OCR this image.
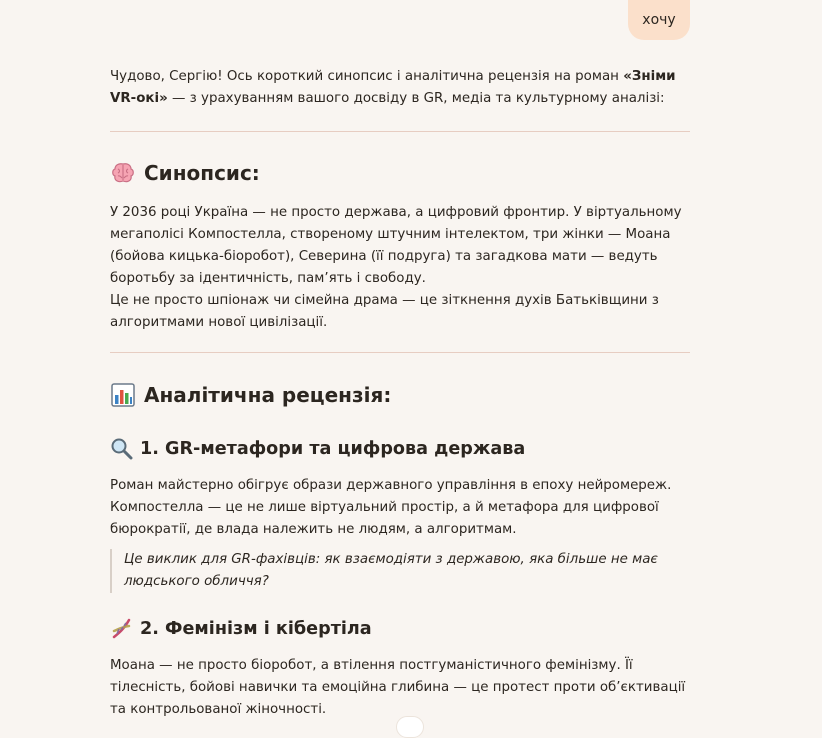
хочу
Чудово, Сергію! Ось короткий синопсис і аналітична рецензія на роман «Зніми VR-окі» — з урахуванням вашого досвіду в GR, медіа та культурному аналізі:
Синопсис:
У 2036 році Україна — не просто держава, а цифровий фронтир. У віртуальному мегаполісі Компостелла, створеному штучним інтелектом, три жінки — Моана (бойова кицька-біоробот), Северина (її подруга) та загадкова мати — ведуть боротьбу за ідентичність, пам’ять і свободу.
Це не просто шпіонаж чи сімейна драма — це зіткнення духів Батьківщини з алгоритмами нової цивілізації.
Аналітична рецензія:
1. GR-метафори та цифрова держава
Роман майстерно обігрує образи державного управління в епоху нейромереж. Компостелла — це не лише віртуальний простір, а й метафора для цифрової бюрократії, де влада належить не людям, а алгоритмам.
Це виклик для GR-фахівців: як взаємодіяти з державою, яка більше не має людського обличчя?
2. Фемінізм і кібертіла
Моана — не просто біоробот, а втілення постгуманістичного фемінізму. Її тілесність, бойові навички та емоційна глибина — це протест проти об’єктивації та контрольованої жіночності.
